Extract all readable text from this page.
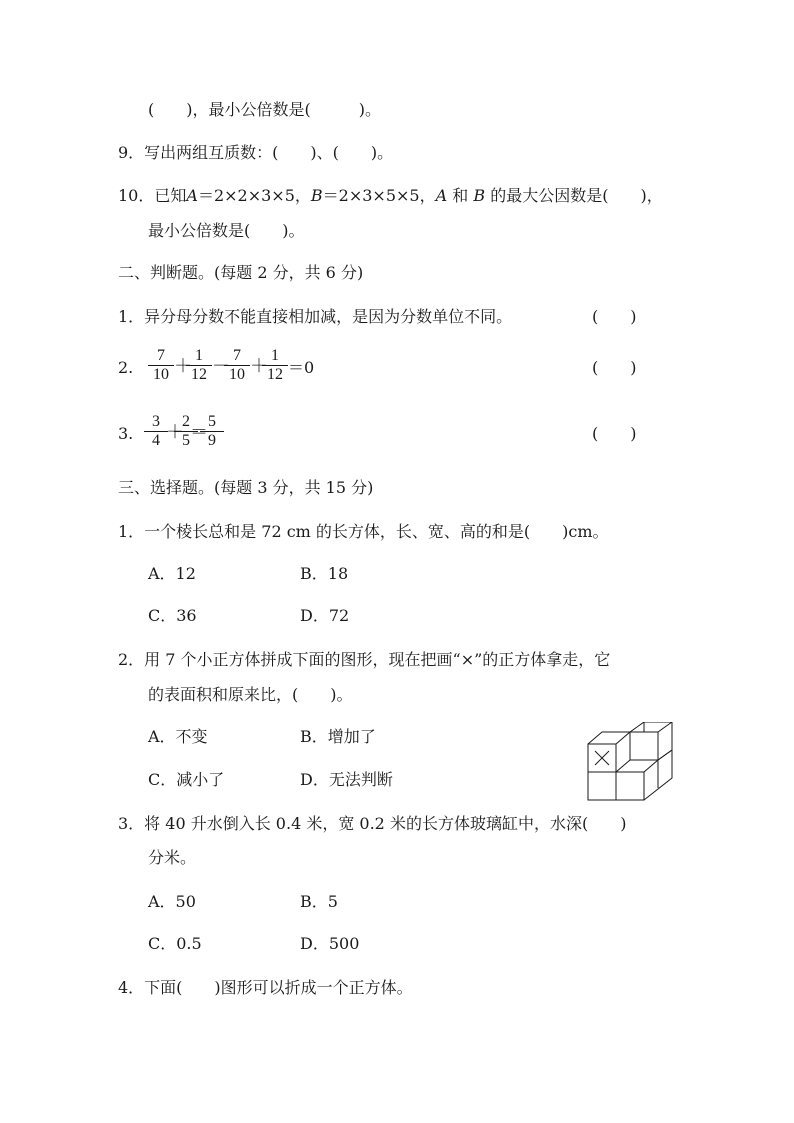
(　　)，最小公倍数是(　　　)。
9．写出两组互质数：(　　)、(　　)。
10．已知A＝2×2×3×5，B＝2×3×5×5，A 和 B 的最大公因数是(　　)，
最小公倍数是(　　)。
二、判断题。(每题 2 分，共 6 分)
1．异分母分数不能直接相加减，是因为分数单位不同。	(　　)
2. $\frac{7}{10}$ ＋
$\frac{1}{12}$ －
$\frac{7}{10}$ ＋
$\frac{1}{12} =0$	(　　)
3. $\frac{3}{4}$
＋
$\frac{2}{5}$
＝
$\frac{5}{9}$	(　　)
三、选择题。(每题 3 分，共 15 分)
1．一个棱长总和是 72 cm 的长方体，长、宽、高的和是(　　)cm。
A．12	B．18
C．36	D．72
2．用 7 个小正方体拼成下面的图形，现在把画“×”的正方体拿走，它
的表面积和原来比，(　　)。
A．不变	B．增加了
C．减小了	D．无法判断
3．将 40 升水倒入长 0.4 米，宽 0.2 米的长方体玻璃缸中，水深(　　)
分米。
A．50	B．5
C．0.5	D．500
4．下面(　　)图形可以折成一个正方体。
